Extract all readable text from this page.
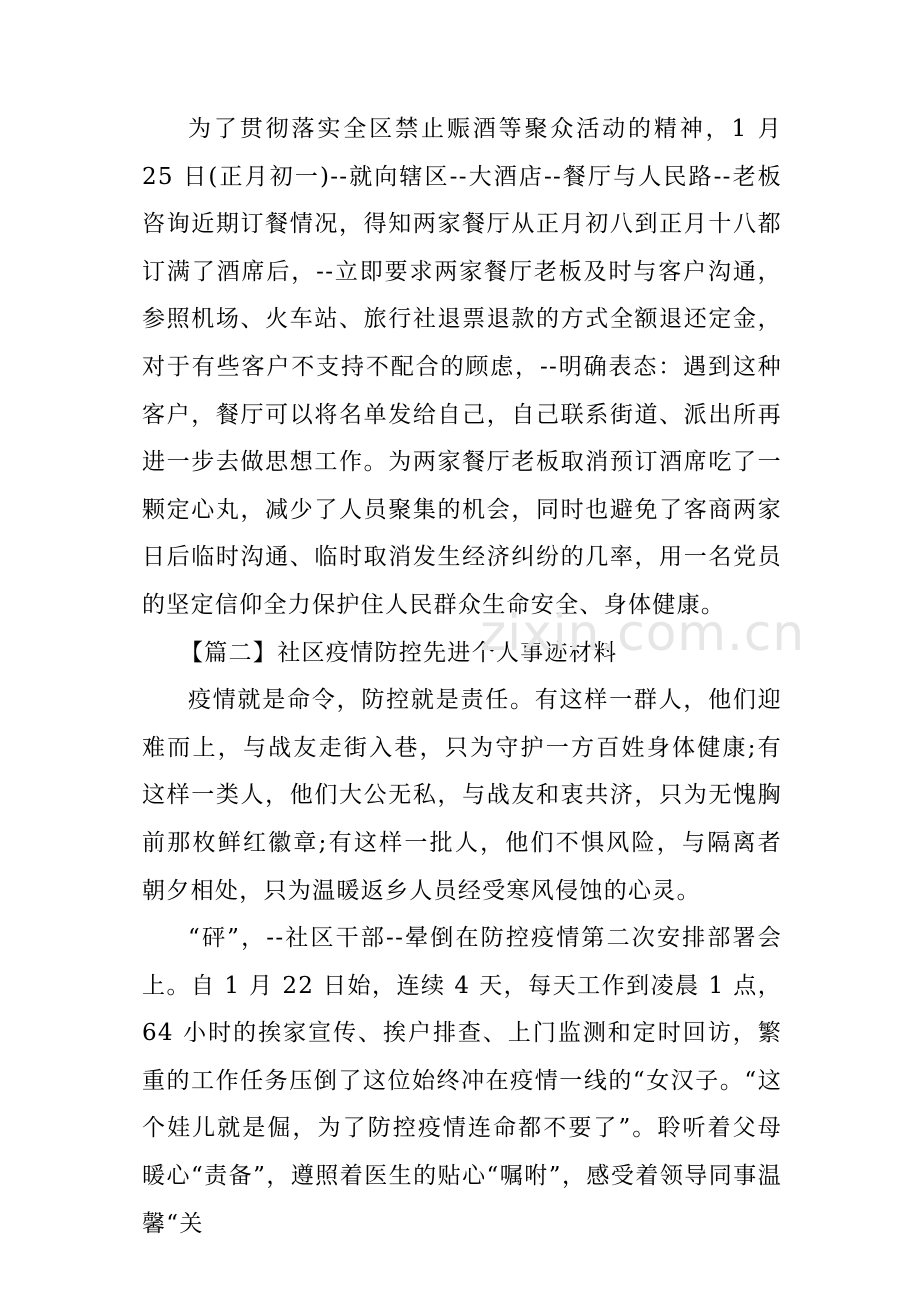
为了贯彻落实全区禁止赈酒等聚众活动的精神，1 月 25 日(正月初一)--就向辖区--大酒店--餐厅与人民路--老板咨询近期订餐情况，得知两家餐厅从正月初八到正月十八都订满了酒席后，--立即要求两家餐厅老板及时与客户沟通，参照机场、火车站、旅行社退票退款的方式全额退还定金，对于有些客户不支持不配合的顾虑，--明确表态：遇到这种客户，餐厅可以将名单发给自己，自己联系街道、派出所再进一步去做思想工作。为两家餐厅老板取消预订酒席吃了一颗定心丸，减少了人员聚集的机会，同时也避免了客商两家日后临时沟通、临时取消发生经济纠纷的几率，用一名党员的坚定信仰全力保护住人民群众生命安全、身体健康。

【篇二】社区疫情防控先进个人事迹材料

疫情就是命令，防控就是责任。有这样一群人，他们迎难而上，与战友走街入巷，只为守护一方百姓身体健康;有这样一类人，他们大公无私，与战友和衷共济，只为无愧胸前那枚鲜红徽章;有这样一批人，他们不惧风险，与隔离者朝夕相处，只为温暖返乡人员经受寒风侵蚀的心灵。

“砰”，--社区干部--晕倒在防控疫情第二次安排部署会上。自 1 月 22 日始，连续 4 天，每天工作到凌晨 1 点，64 小时的挨家宣传、挨户排查、上门监测和定时回访，繁重的工作任务压倒了这位始终冲在疫情一线的“女汉子。“这个娃儿就是倔，为了防控疫情连命都不要了”。聆听着父母暖心“责备”，遵照着医生的贴心“嘱咐”，感受着领导同事温馨“关

zixin.com.cn
